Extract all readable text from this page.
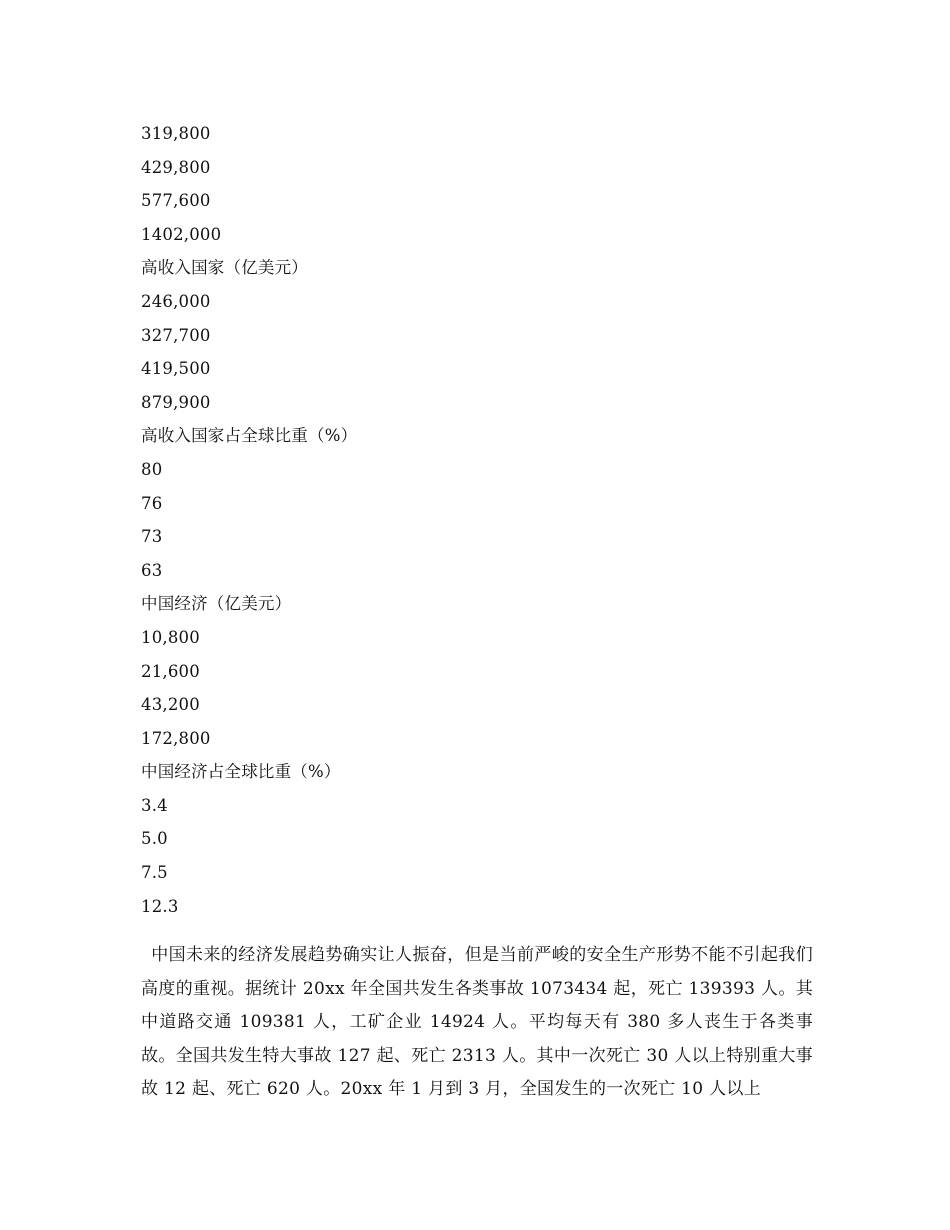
319,800
429,800
577,600
1402,000
高收入国家（亿美元）
246,000
327,700
419,500
879,900
高收入国家占全球比重（%）
80
76
73
63
中国经济（亿美元）
10,800
21,600
43,200
172,800
中国经济占全球比重（%）
3.4
5.0
7.5
12.3

中国未来的经济发展趋势确实让人振奋，但是当前严峻的安全生产形势不能不引起我们高度的重视。据统计 20xx 年全国共发生各类事故 1073434 起，死亡 139393 人。其中道路交通 109381 人，工矿企业 14924 人。平均每天有 380 多人丧生于各类事故。全国共发生特大事故 127 起、死亡 2313 人。其中一次死亡 30 人以上特别重大事故 12 起、死亡 620 人。20xx 年 1 月到 3 月，全国发生的一次死亡 10 人以上
